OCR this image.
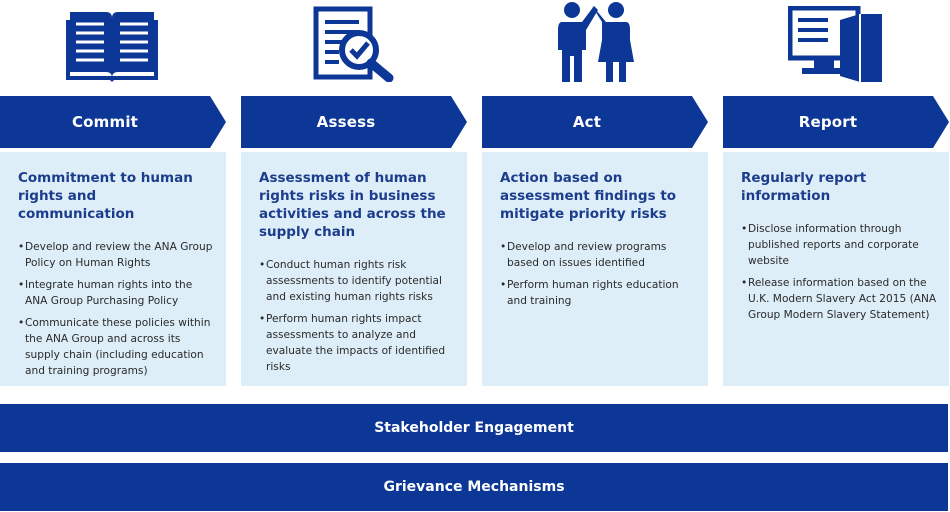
Commit
Commitment to human rights and communication
• Develop and review the ANA Group Policy on Human Rights
• Integrate human rights into the ANA Group Purchasing Policy
• Communicate these policies within the ANA Group and across its supply chain (including education and training programs)
Assess
Assessment of human rights risks in business activities and across the supply chain
• Conduct human rights risk assessments to identify potential and existing human rights risks
• Perform human rights impact assessments to analyze and evaluate the impacts of identified risks
Act
Action based on assessment findings to mitigate priority risks
• Develop and review programs based on issues identified
• Perform human rights education and training
Report
Regularly report information
• Disclose information through published reports and corporate website
• Release information based on the U.K. Modern Slavery Act 2015 (ANA Group Modern Slavery Statement)
Stakeholder Engagement
Grievance Mechanisms
